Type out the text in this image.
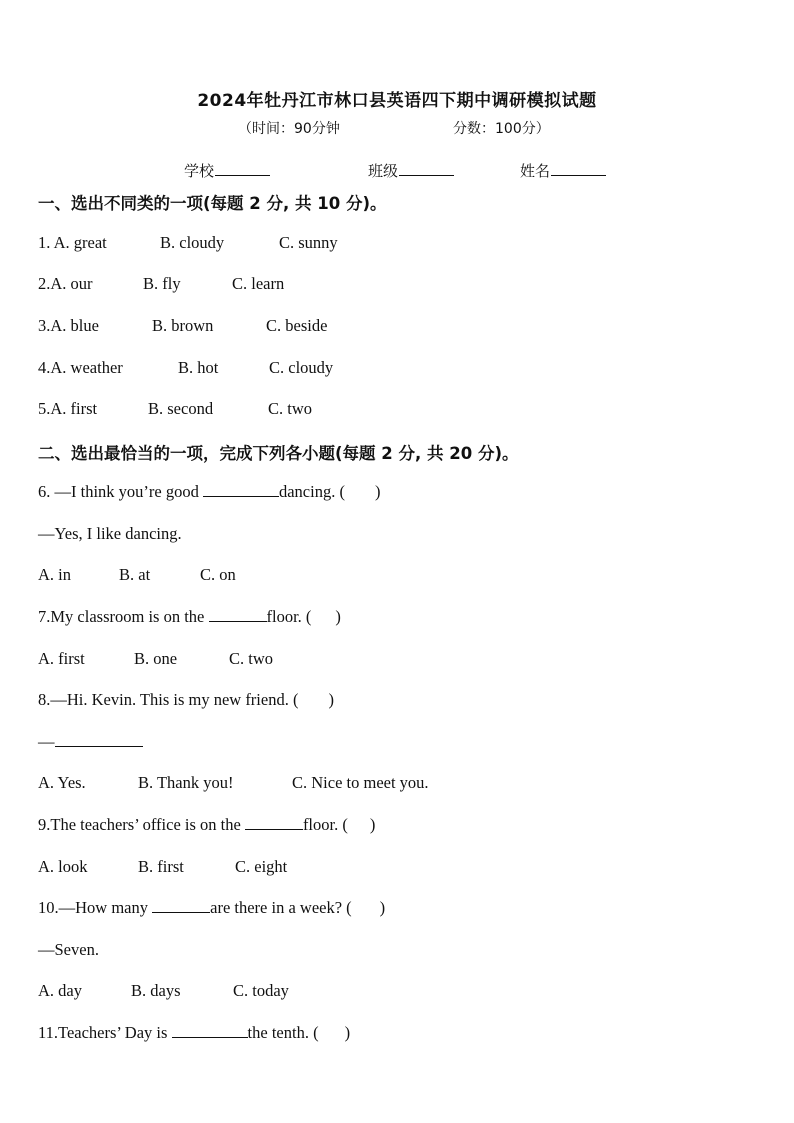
2024年牡丹江市林口县英语四下期中调研模拟试题
（时间：90分钟	分数：100分）
学校	班级	姓名
一、选出不同类的一项(每题 2 分, 共 10 分)。
1. A. great	B. cloudy	C. sunny
2.A. our	B. fly	C. learn
3.A. blue	B. brown	C. beside
4.A. weather	B. hot	C. cloudy
5.A. first	B. second	C. two
二、选出最恰当的一项，完成下列各小题(每题 2 分, 共 20 分)。
6. —I think you’re good	dancing. ( )
—Yes, I like dancing.
A. in	B. at	C. on
7.My classroom is on the	floor. ( )
A. first	B. one	C. two
8.—Hi. Kevin. This is my new friend. ( )
—
A. Yes.	B. Thank you!	C. Nice to meet you.
9.The teachers’ office is on the	floor. ( )
A. look	B. first	C. eight
10.—How many	are there in a week? ( )
—Seven.
A. day	B. days	C. today
11.Teachers’ Day is	the tenth. ( )
